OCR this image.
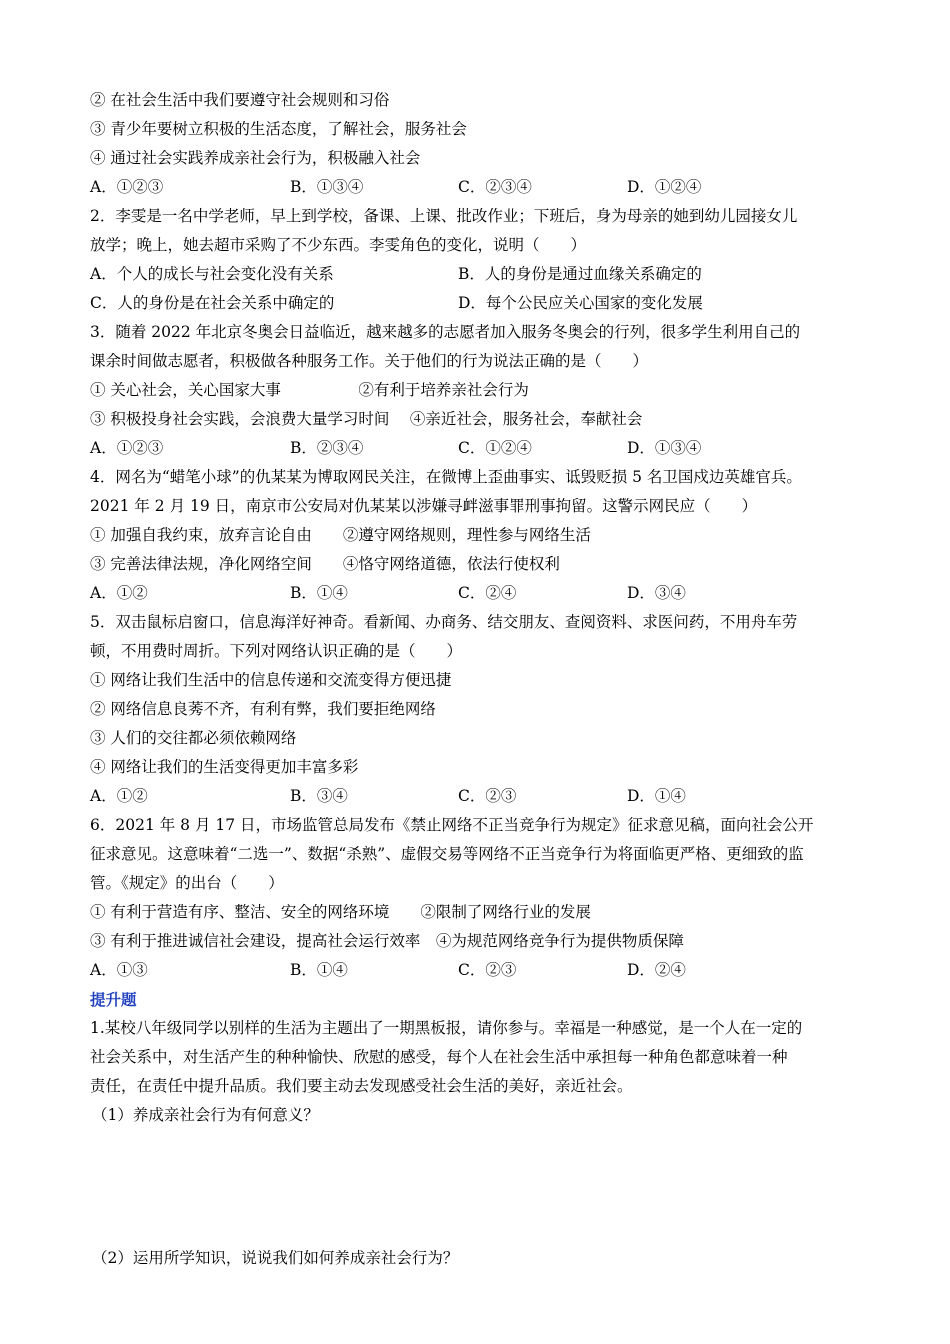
② 在社会生活中我们要遵守社会规则和习俗
③ 青少年要树立积极的生活态度，了解社会，服务社会
④ 通过社会实践养成亲社会行为，积极融入社会
A．①②③	B．①③④	C．②③④	D．①②④
2．李雯是一名中学老师，早上到学校，备课、上课、批改作业；下班后，身为母亲的她到幼儿园接女儿
放学；晚上，她去超市采购了不少东西。李雯角色的变化，说明（　　）
A．个人的成长与社会变化没有关系	B．人的身份是通过血缘关系确定的
C．人的身份是在社会关系中确定的	D．每个公民应关心国家的变化发展
3．随着 2022 年北京冬奥会日益临近，越来越多的志愿者加入服务冬奥会的行列，很多学生利用自己的
课余时间做志愿者，积极做各种服务工作。关于他们的行为说法正确的是（　　）
① 关心社会，关心国家大事　　　　　②有利于培养亲社会行为
③ 积极投身社会实践，会浪费大量学习时间　 ④亲近社会，服务社会，奉献社会
A．①②③	B．②③④	C．①②④	D．①③④
4．网名为“蜡笔小球”的仇某某为博取网民关注，在微博上歪曲事实、诋毁贬损 5 名卫国戍边英雄官兵。
2021 年 2 月 19 日，南京市公安局对仇某某以涉嫌寻衅滋事罪刑事拘留。这警示网民应（　　）
① 加强自我约束，放弃言论自由　　②遵守网络规则，理性参与网络生活
③ 完善法律法规，净化网络空间　　④恪守网络道德，依法行使权利
A．①②	B．①④	C．②④	D．③④
5．双击鼠标启窗口，信息海洋好神奇。看新闻、办商务、结交朋友、查阅资料、求医问药，不用舟车劳
顿，不用费时周折。下列对网络认识正确的是（　　）
① 网络让我们生活中的信息传递和交流变得方便迅捷
② 网络信息良莠不齐，有利有弊，我们要拒绝网络
③ 人们的交往都必须依赖网络
④ 网络让我们的生活变得更加丰富多彩
A．①②	B．③④	C．②③	D．①④
6．2021 年 8 月 17 日，市场监管总局发布《禁止网络不正当竞争行为规定》征求意见稿，面向社会公开
征求意见。这意味着“二选一”、数据“杀熟”、虚假交易等网络不正当竞争行为将面临更严格、更细致的监
管。《规定》的出台（　　）
① 有利于营造有序、整洁、安全的网络环境　　②限制了网络行业的发展
③ 有利于推进诚信社会建设，提高社会运行效率　④为规范网络竞争行为提供物质保障
A．①③	B．①④	C．②③	D．②④
提升题
1.某校八年级同学以别样的生活为主题出了一期黑板报，请你参与。幸福是一种感觉，是一个人在一定的
社会关系中，对生活产生的种种愉快、欣慰的感受，每个人在社会生活中承担每一种角色都意味着一种
责任，在责任中提升品质。我们要主动去发现感受社会生活的美好，亲近社会。
（1）养成亲社会行为有何意义？
（2）运用所学知识，说说我们如何养成亲社会行为？
